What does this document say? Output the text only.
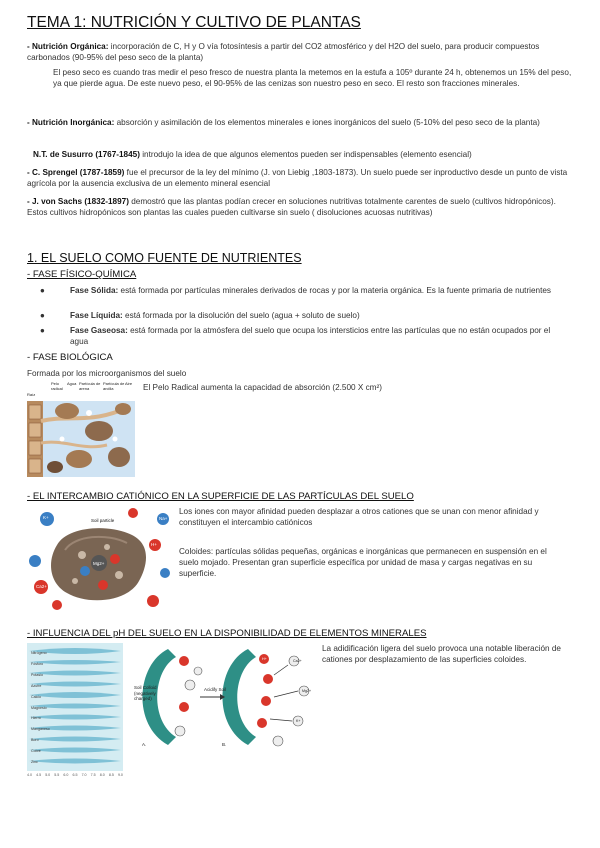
TEMA 1: NUTRICIÓN Y CULTIVO DE PLANTAS
- Nutrición Orgánica: incorporación de C, H y O vía fotosíntesis a partir del CO2 atmosférico y del H2O del suelo, para producir compuestos carbonados (90-95% del peso seco de la planta)
El peso seco es cuando tras medir el peso fresco de nuestra planta la metemos en la estufa a 105º durante 24 h, obtenemos un 15% del peso, ya que pierde agua. De este nuevo peso, el 90-95% de las cenizas son nuestro peso en seco. El resto son fracciones minerales.
- Nutrición Inorgánica: absorción y asimilación de los elementos minerales e iones inorgánicos del suelo (5-10% del peso seco de la planta)
N.T. de Susurro (1767-1845) introdujo la idea de que algunos elementos pueden ser indispensables (elemento esencial)
- C. Sprengel (1787-1859) fue el precursor de la ley del mínimo (J. von Liebig ,1803-1873). Un suelo puede ser inproductivo desde un punto de vista agrícola por la ausencia exclusiva de un elemento mineral esencial
- J. von Sachs (1832-1897) demostró que las plantas podían crecer en soluciones nutritivas totalmente carentes de suelo (cultivos hidropónicos). Estos cultivos hidropónicos son plantas las cuales pueden cultivarse sin suelo ( disoluciones acuosas nutritivas)
1. EL SUELO COMO FUENTE DE NUTRIENTES
- FASE FÍSICO-QUÍMICA
●	Fase Sólida: está formada por partículas minerales derivados de rocas y por la materia orgánica. Es la fuente primaria de nutrientes
●	Fase Líquida: está formada por la disolución del suelo (agua + soluto de suelo)
●	Fase Gaseosa: está formada por la atmósfera del suelo que ocupa los intersticios entre las partículas que no están ocupados por el agua
- FASE BIOLÓGICA
Formada por los microorganismos del suelo
Raíz
Pelo radical
Agua Partícula de arena
Partícula de arcilla
Aire El Pelo Radical aumenta la capacidad de absorción (2.500 X cm²)
- EL INTERCAMBIO CATIÓNICO EN LA SUPERFICIE DE LAS PARTÍCULAS DEL SUELO
Soil particle
K+
Ca2+
Mg2+
H+
Na+
Los iones con mayor afinidad pueden desplazar a otros cationes que se unan con menor afinidad y constituyen el intercambio catiónicos
Coloides: partículas sólidas pequeñas, orgánicas e inorgánicas que permanecen en suspensión en el suelo mojado. Presentan gran superficie específica por unidad de masa y cargas negativas en su superficie.
- INFLUENCIA DEL pH DEL SUELO EN LA DISPONIBILIDAD DE ELEMENTOS MINERALES
Nitrógeno
Fósforo
Potasio
Azufre
Calcio
Magnesio
Hierro
Manganeso
Boro
Cobre
Zinc
4.0 4.5 5.0 5.5 6.0 6.5 7.0 7.5 8.0 8.5 9.0
Soil Colloid (negatively charged)
Acidify Soil
A.	B.
Ca2+
Mg2+
K+
H+
La adidificación ligera del suelo provoca una notable liberación de cationes por desplazamiento de las superficies coloides.
